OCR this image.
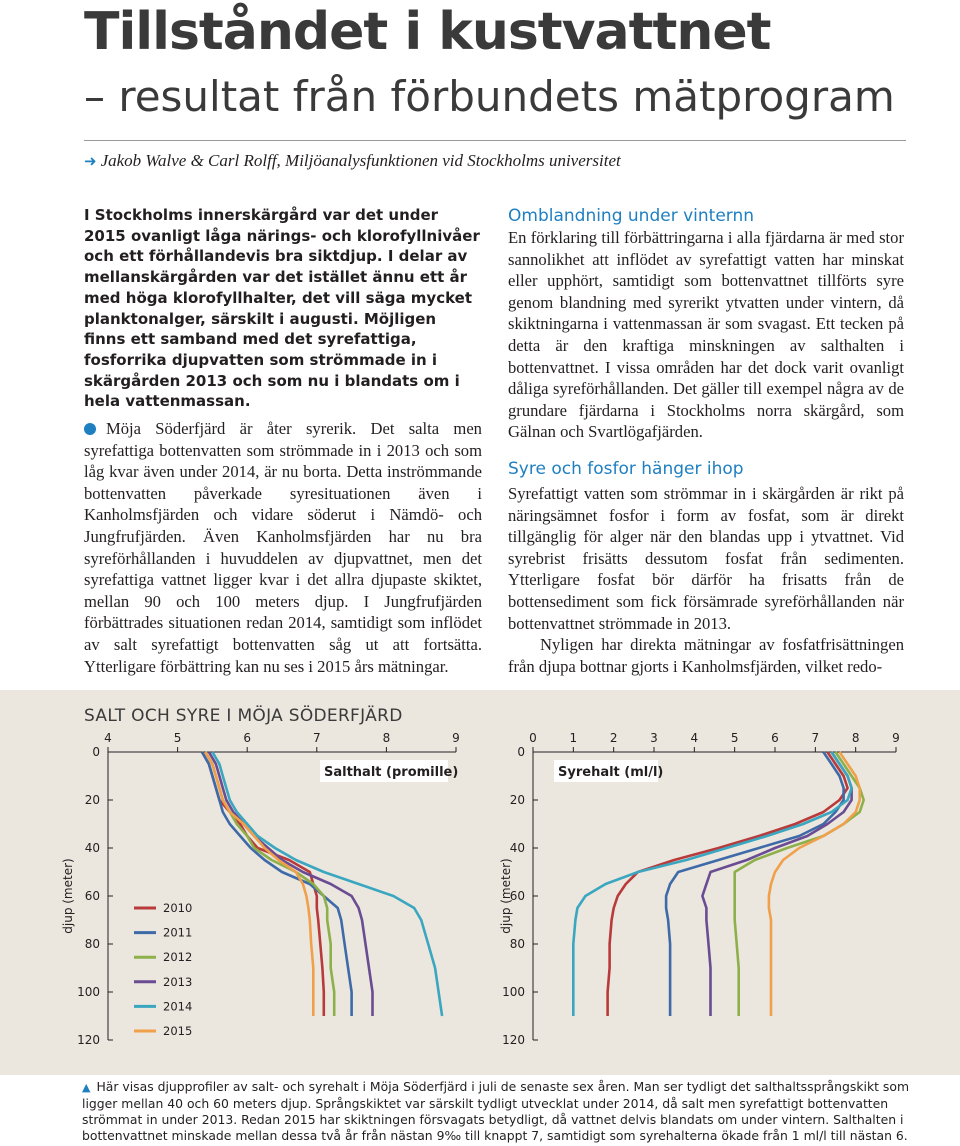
Tillståndet i kustvattnet
– resultat från förbundets mätprogram
➜ Jakob Walve & Carl Rolff, Miljöanalysfunktionen vid Stockholms universitet

I Stockholms innerskärgård var det under 2015 ovanligt låga närings- och klorofyllnivåer och ett förhållandevis bra siktdjup. I delar av mellanskärgården var det istället ännu ett år med höga klorofyllhalter, det vill säga mycket planktonalger, särskilt i augusti. Möjligen finns ett samband med det syrefattiga, fosforrika djupvatten som strömmade in i skärgården 2013 och som nu i blandats om i hela vattenmassan.

Möja Söderfjärd är åter syrerik. Det salta men syrefattiga bottenvatten som strömmade in i 2013 och som låg kvar även under 2014, är nu borta. Detta inströmmande bottenvatten påverkade syresituationen även i Kanholmsfjärden och vidare söderut i Nämdö- och Jungfrufjärden. Även Kanholmsfjärden har nu bra syreförhållanden i huvuddelen av djupvattnet, men det syrefattiga vattnet ligger kvar i det allra djupaste skiktet, mellan 90 och 100 meters djup. I Jungfrufjärden förbättrades situationen redan 2014, samtidigt som inflödet av salt syrefattigt bottenvatten såg ut att fortsätta. Ytterligare förbättring kan nu ses i 2015 års mätningar.

Omblandning under vinternn

En förklaring till förbättringarna i alla fjärdarna är med stor sannolikhet att inflödet av syrefattigt vatten har minskat eller upphört, samtidigt som bottenvattnet tillförts syre genom blandning med syrerikt ytvatten under vintern, då skiktningarna i vattenmassan är som svagast. Ett tecken på detta är den kraftiga minskningen av salthalten i bottenvattnet. I vissa områden har det dock varit ovanligt dåliga syreförhållanden. Det gäller till exempel några av de grundare fjärdarna i Stockholms norra skärgård, som Gälnan och Svartlögafjärden.

Syre och fosfor hänger ihop

Syrefattigt vatten som strömmar in i skärgården är rikt på näringsämnet fosfor i form av fosfat, som är direkt tillgänglig för alger när den blandas upp i ytvattnet. Vid syrebrist frisätts dessutom fosfat från sedimenten. Ytterligare fosfat bör därför ha frisatts från de bottensediment som fick försämrade syreförhållanden när bottenvattnet strömmade in 2013.

Nyligen har direkta mätningar av fosfatfrisättningen från djupa bottnar gjorts i Kanholmsfjärden, vilket redo-

SALT OCH SYRE I MÖJA SÖDERFJÄRD
4	5	6	7	8	9
0
20
40
60
80
100
120
djup (meter)
Salthalt (promille)
0	1	2	3	4	5	6	7	8	9
0
20
40
60
80
100
120
djup (meter)
Syrehalt (ml/l)
2010
2011
2012
2013
2014
2015

▲ Här visas djupprofiler av salt- och syrehalt i Möja Söderfjärd i juli de senaste sex åren. Man ser tydligt det salthaltssprångskikt som ligger mellan 40 och 60 meters djup. Språngskiktet var särskilt tydligt utvecklat under 2014, då salt men syrefattigt bottenvatten strömmat in under 2013. Redan 2015 har skiktningen försvagats betydligt, då vattnet delvis blandats om under vintern. Salthalten i bottenvattnet minskade mellan dessa två år från nästan 9‰ till knappt 7, samtidigt som syrehalterna ökade från 1 ml/l till nästan 6.
